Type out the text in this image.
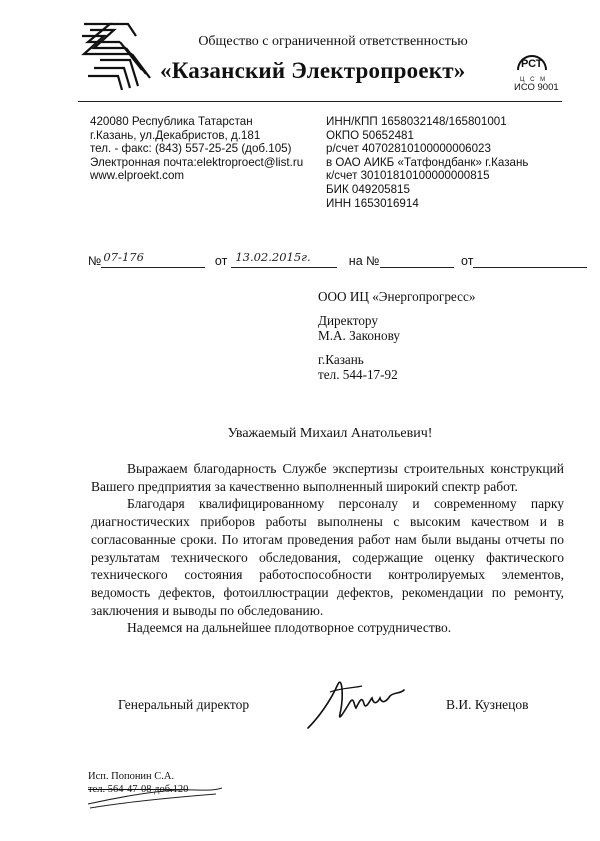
Общество с ограниченной ответственностью
«Казанский Электропроект»	РСТ
Ц С М
ИСО 9001
420080 Республика Татарстан
г.Казань, ул.Декабристов, д.181
тел. - факс: (843) 557-25-25 (доб.105)
Электронная почта:elektroproect@list.ru
www.elproekt.com
ИНН/КПП 1658032148/165801001
ОКПО 50652481
р/счет 40702810100000006023
в ОАО АИКБ «Татфондбанк» г.Казань
к/счет 30101810100000000815
БИК 049205815
ИНН 1653016914
№ 07-176	от 13.02.2015г.	на №	от
ООО ИЦ «Энергопрогресс»
Директору
М.А. Законову
г.Казань
тел. 544-17-92
Уважаемый Михаил Анатольевич!

Выражаем благодарность Службе экспертизы строительных конструкций Вашего предприятия за качественно выполненный широкий спектр работ.

Благодаря квалифицированному персоналу и современному парку диагностических приборов работы выполнены с высоким качеством и в согласованные сроки. По итогам проведения работ нам были выданы отчеты по результатам технического обследования, содержащие оценку фактического технического состояния работоспособности контролируемых элементов, ведомость дефектов, фотоиллюстрации дефектов, рекомендации по ремонту, заключения и выводы по обследованию.

Надеемся на дальнейшее плодотворное сотрудничество.

Генеральный директор	В.И. Кузнецов
Исп. Попонин С.А.
тел. 564-47-08 доб.120
